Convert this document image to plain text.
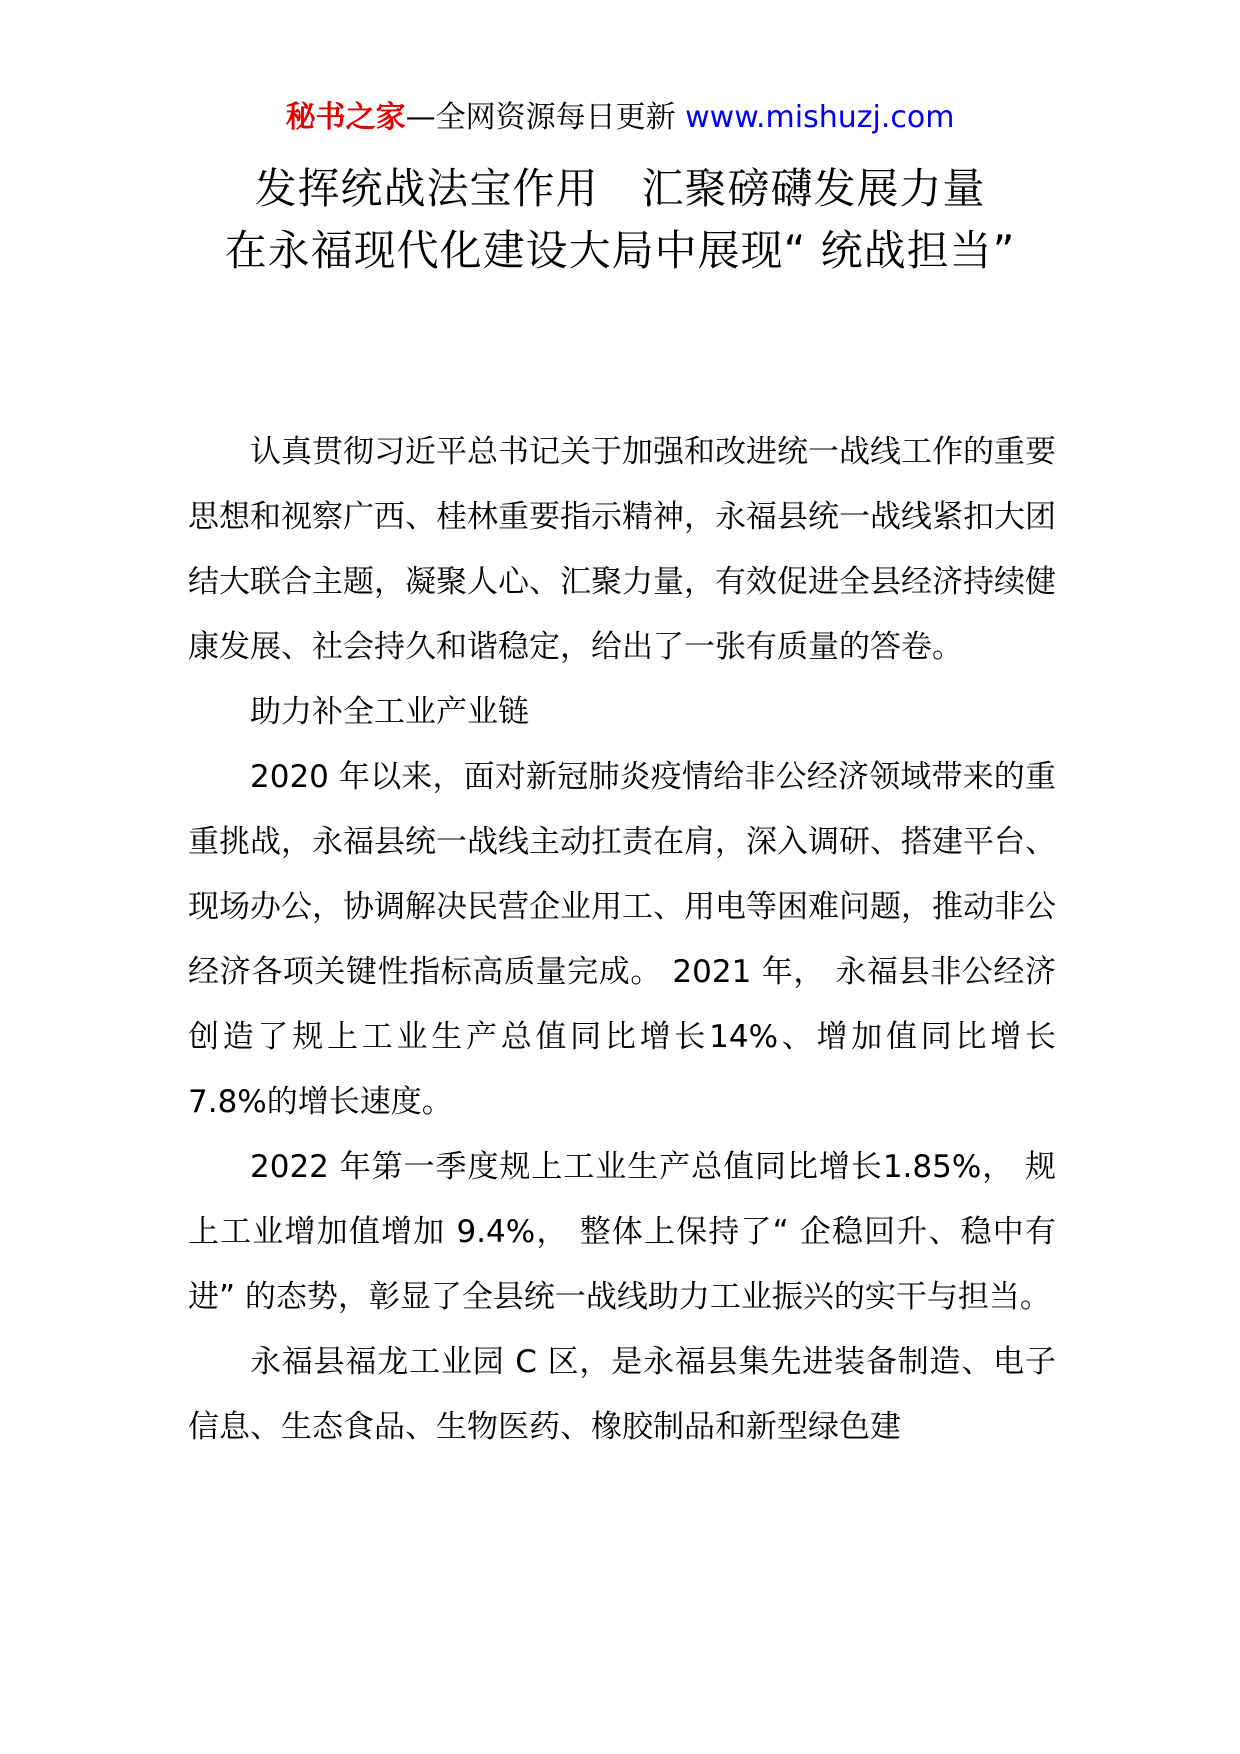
秘书之家—全网资源每日更新 www.mishuzj.com
发挥统战法宝作用　汇聚磅礴发展力量
在永福现代化建设大局中展现“ 统战担当”

认真贯彻习近平总书记关于加强和改进统一战线工作的重要思想和视察广西、桂林重要指示精神，永福县统一战线紧扣大团结大联合主题，凝聚人心、汇聚力量，有效促进全县经济持续健康发展、社会持久和谐稳定，给出了一张有质量的答卷。

助力补全工业产业链

2020 年以来，面对新冠肺炎疫情给非公经济领域带来的重重挑战，永福县统一战线主动扛责在肩，深入调研、搭建平台、现场办公，协调解决民营企业用工、用电等困难问题，推动非公经济各项关键性指标高质量完成。 2021 年， 永福县非公经济创造了规上工业生产总值同比增长14%、增加值同比增长 7.8%的增长速度。

2022 年第一季度规上工业生产总值同比增长1.85%， 规上工业增加值增加 9.4%， 整体上保持了“ 企稳回升、稳中有进” 的态势，彰显了全县统一战线助力工业振兴的实干与担当。

永福县福龙工业园 C 区，是永福县集先进装备制造、电子信息、生态食品、生物医药、橡胶制品和新型绿色建
